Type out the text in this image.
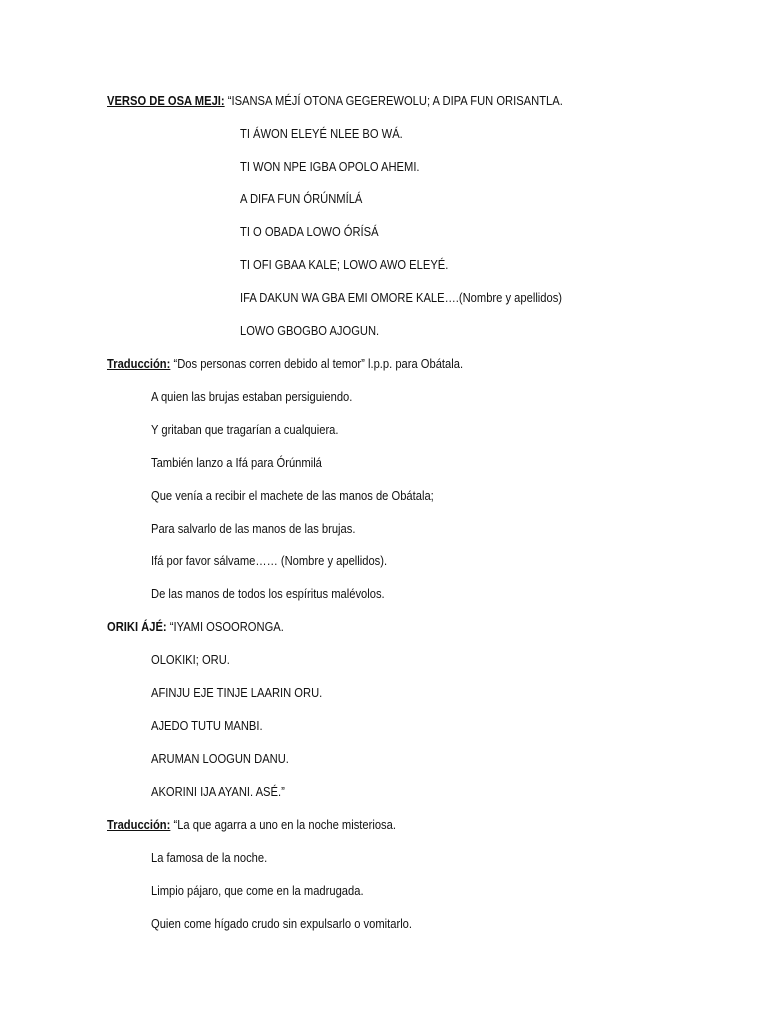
VERSO DE OSA MEJI: “ISANSA MÉJÍ OTONA GEGEREWOLU; A DIPA FUN ORISANTLA.
TI ÁWON ELEYÉ NLEE BO WÁ.
TI WON NPE IGBA OPOLO AHEMI.
A DIFA FUN ÓRÚNMÍLÁ
TI O OBADA LOWO ÓRÍSÁ
TI OFI GBAA KALE; LOWO AWO ELEYÉ.
IFA DAKUN WA GBA EMI OMORE KALE….(Nombre y apellidos)
LOWO GBOGBO AJOGUN.
Traducción: “Dos personas corren debido al temor” l.p.p. para Obátala.
A quien las brujas estaban persiguiendo.
Y gritaban que tragarían a cualquiera.
También lanzo a Ifá para Órúnmilá
Que venía a recibir el machete de las manos de Obátala;
Para salvarlo de las manos de las brujas.
Ifá por favor sálvame…… (Nombre y apellidos).
De las manos de todos los espíritus malévolos.
ORIKI ÁJÉ: “IYAMI OSOORONGA.
OLOKIKI; ORU.
AFINJU EJE TINJE LAARIN ORU.
AJEDO TUTU MANBI.
ARUMAN LOOGUN DANU.
AKORINI IJA AYANI. ASÉ.”
Traducción: “La que agarra a uno en la noche misteriosa.
La famosa de la noche.
Limpio pájaro, que come en la madrugada.
Quien come hígado crudo sin expulsarlo o vomitarlo.
